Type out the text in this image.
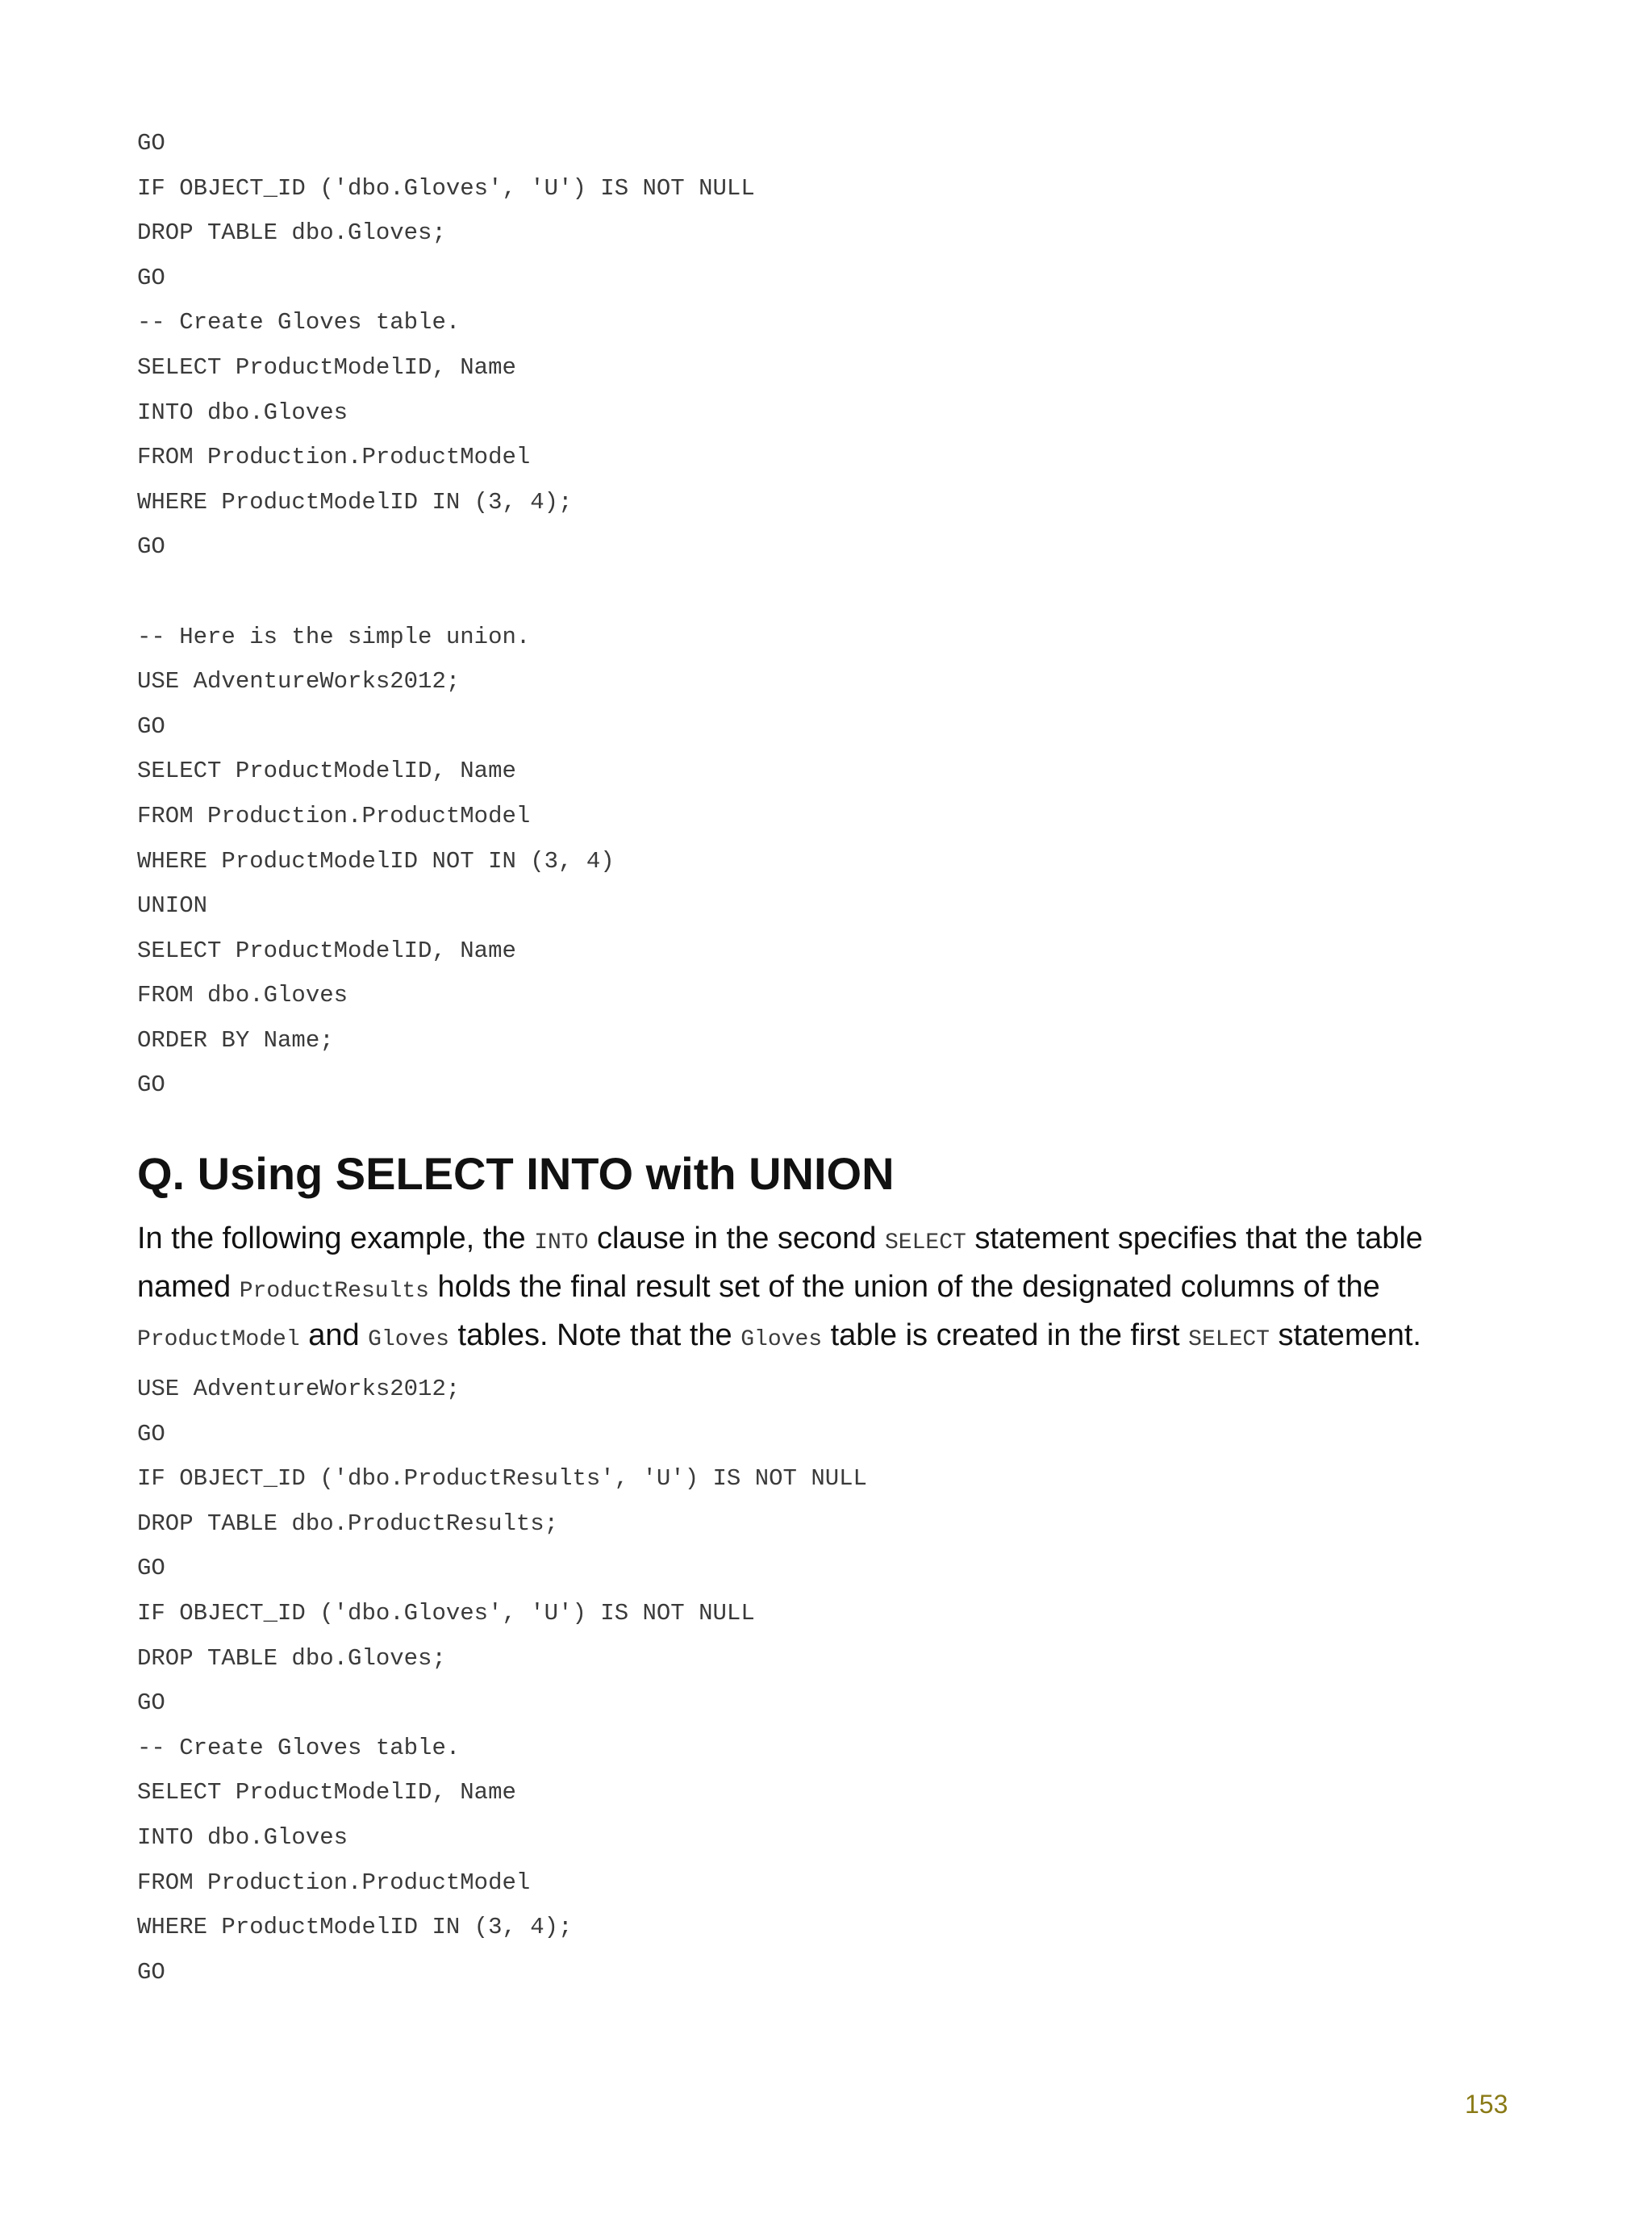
GO
IF OBJECT_ID ('dbo.Gloves', 'U') IS NOT NULL
DROP TABLE dbo.Gloves;
GO
-- Create Gloves table.
SELECT ProductModelID, Name
INTO dbo.Gloves
FROM Production.ProductModel
WHERE ProductModelID IN (3, 4);
GO
-- Here is the simple union.
USE AdventureWorks2012;
GO
SELECT ProductModelID, Name
FROM Production.ProductModel
WHERE ProductModelID NOT IN (3, 4)
UNION
SELECT ProductModelID, Name
FROM dbo.Gloves
ORDER BY Name;
GO
Q. Using SELECT INTO with UNION

In the following example, the INTO clause in the second SELECT statement specifies that the table named ProductResults holds the final result set of the union of the designated columns of the ProductModel and Gloves tables. Note that the Gloves table is created in the first SELECT statement.

USE AdventureWorks2012;
GO
IF OBJECT_ID ('dbo.ProductResults', 'U') IS NOT NULL
DROP TABLE dbo.ProductResults;
GO
IF OBJECT_ID ('dbo.Gloves', 'U') IS NOT NULL
DROP TABLE dbo.Gloves;
GO
-- Create Gloves table.
SELECT ProductModelID, Name
INTO dbo.Gloves
FROM Production.ProductModel
WHERE ProductModelID IN (3, 4);
GO
153
